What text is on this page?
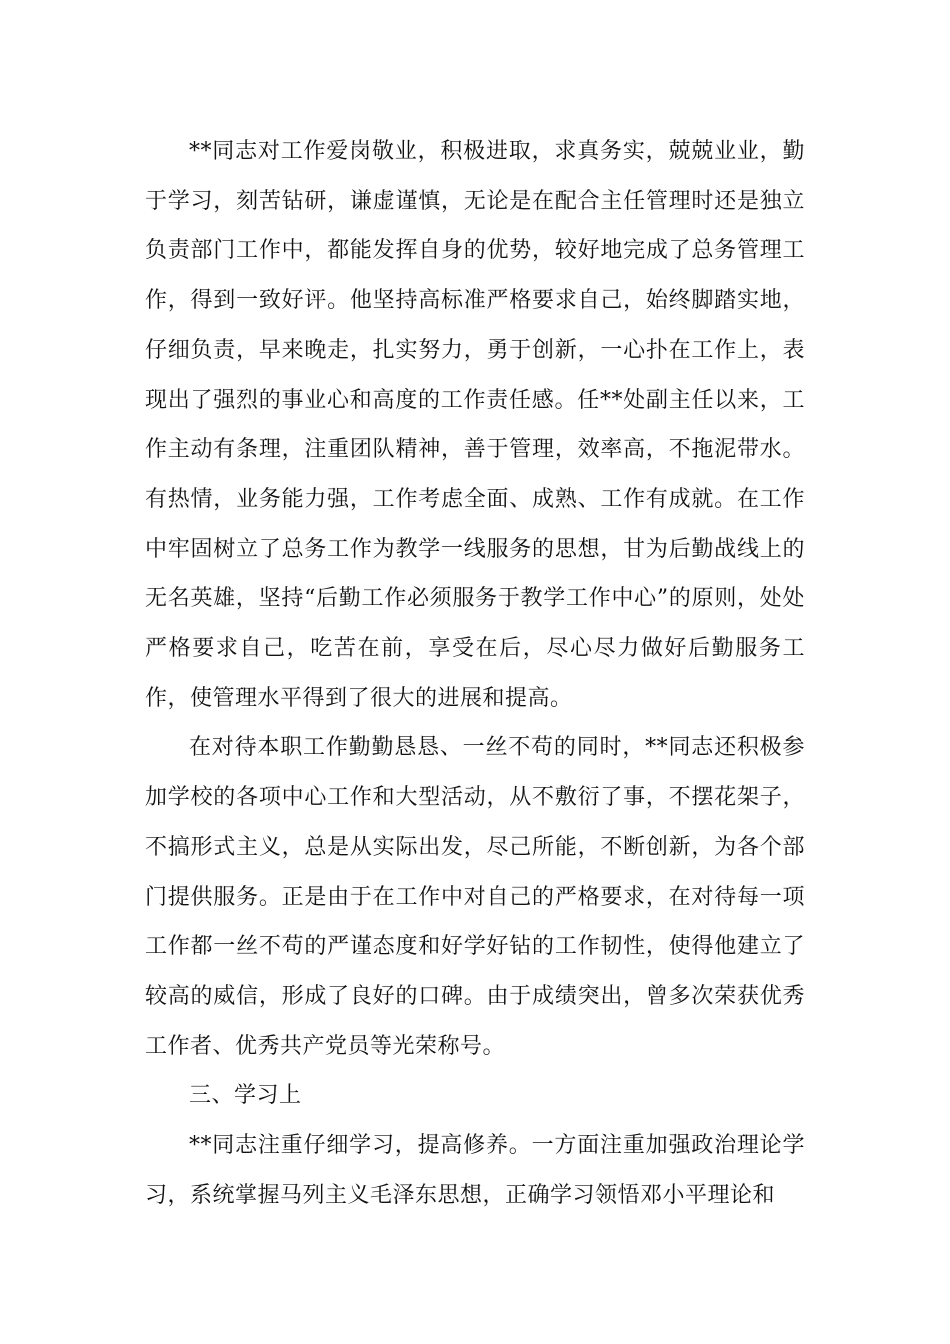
**同志对工作爱岗敬业，积极进取，求真务实，兢兢业业，勤于学习，刻苦钻研，谦虚谨慎，无论是在配合主任管理时还是独立负责部门工作中，都能发挥自身的优势，较好地完成了总务管理工作，得到一致好评。他坚持高标准严格要求自己，始终脚踏实地，仔细负责，早来晚走，扎实努力，勇于创新，一心扑在工作上，表现出了强烈的事业心和高度的工作责任感。任**处副主任以来，工作主动有条理，注重团队精神，善于管理，效率高，不拖泥带水。有热情，业务能力强，工作考虑全面、成熟、工作有成就。在工作中牢固树立了总务工作为教学一线服务的思想，甘为后勤战线上的无名英雄，坚持“后勤工作必须服务于教学工作中心”的原则，处处严格要求自己，吃苦在前，享受在后，尽心尽力做好后勤服务工作，使管理水平得到了很大的进展和提高。

在对待本职工作勤勤恳恳、一丝不苟的同时，**同志还积极参加学校的各项中心工作和大型活动，从不敷衍了事，不摆花架子，不搞形式主义，总是从实际出发，尽己所能，不断创新，为各个部门提供服务。正是由于在工作中对自己的严格要求，在对待每一项工作都一丝不苟的严谨态度和好学好钻的工作韧性，使得他建立了较高的威信，形成了良好的口碑。由于成绩突出，曾多次荣获优秀工作者、优秀共产党员等光荣称号。

三、学习上

**同志注重仔细学习，提高修养。一方面注重加强政治理论学习，系统掌握马列主义毛泽东思想，正确学习领悟邓小平理论和
